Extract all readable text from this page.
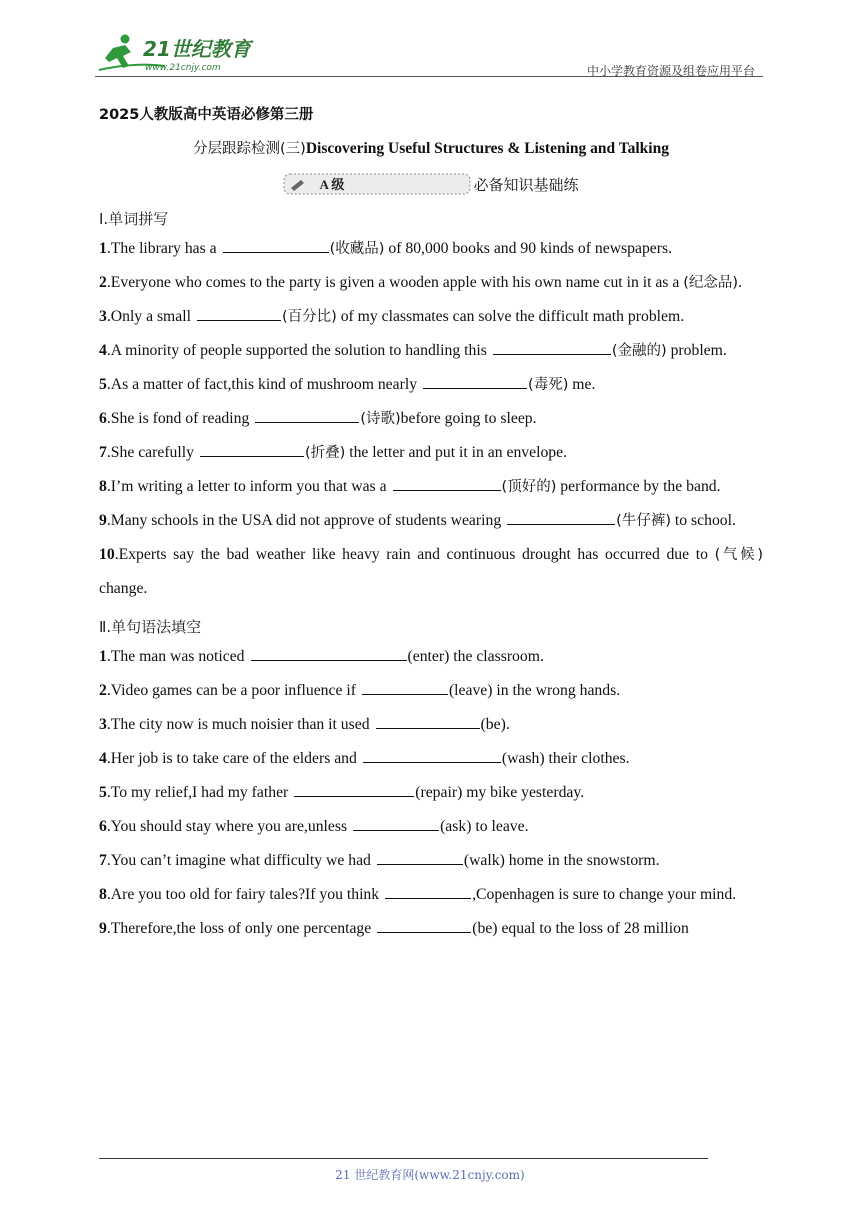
21世纪教育
www.21cnjy.com	中小学教育资源及组卷应用平台
2025人教版高中英语必修第三册
分层跟踪检测(三)Discovering Useful Structures & Listening and Talking
A 级	必备知识基础练
Ⅰ.单词拼写
1.The library has a	(收藏品) of 80,000 books and 90 kinds of newspapers.
2.Everyone who comes to the party is given a wooden apple with his own name cut in it as a (纪念品).
3.Only a small	(百分比) of my classmates can solve the difficult math problem.
4.A minority of people supported the solution to handling this	(金融的) problem.
5.As a matter of fact,this kind of mushroom nearly	(毒死) me.
6.She is fond of reading	(诗歌)before going to sleep.
7.She carefully	(折叠) the letter and put it in an envelope.
8.I’m writing a letter to inform you that was a	(顶好的) performance by the band.
9.Many schools in the USA did not approve of students wearing	(牛仔裤) to school.
10.Experts say the bad weather like heavy rain and continuous drought has occurred due to (气候) change.
Ⅱ.单句语法填空
1.The man was noticed	(enter) the classroom.
2.Video games can be a poor influence if	(leave) in the wrong hands.
3.The city now is much noisier than it used	(be).
4.Her job is to take care of the elders and	(wash) their clothes.
5.To my relief,I had my father	(repair) my bike yesterday.
6.You should stay where you are,unless	(ask) to leave.
7.You can’t imagine what difficulty we had	(walk) home in the snowstorm.
8.Are you too old for fairy tales?If you think	,Copenhagen is sure to change your mind.
9.Therefore,the loss of only one percentage	(be) equal to the loss of 28 million
21 世纪教育网(www.21cnjy.com)
